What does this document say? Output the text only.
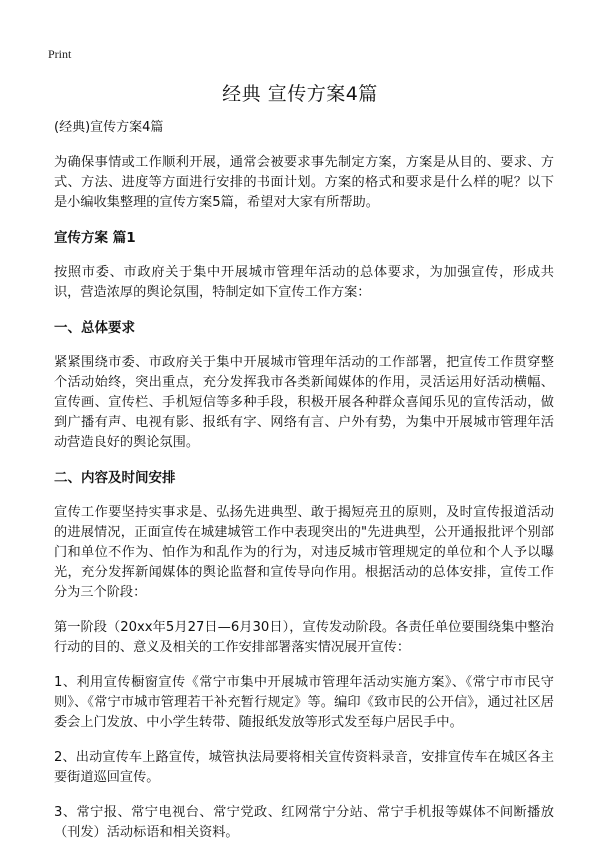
Print
经典 宣传方案4篇

(经典)宣传方案4篇

为确保事情或工作顺利开展，通常会被要求事先制定方案，方案是从目的、要求、方式、方法、进度等方面进行安排的书面计划。方案的格式和要求是什么样的呢？以下是小编收集整理的宣传方案5篇，希望对大家有所帮助。

宣传方案 篇1

按照市委、市政府关于集中开展城市管理年活动的总体要求，为加强宣传，形成共识，营造浓厚的舆论氛围，特制定如下宣传工作方案：

一、总体要求

紧紧围绕市委、市政府关于集中开展城市管理年活动的工作部署，把宣传工作贯穿整个活动始终，突出重点，充分发挥我市各类新闻媒体的作用，灵活运用好活动横幅、宣传画、宣传栏、手机短信等多种手段，积极开展各种群众喜闻乐见的宣传活动，做到广播有声、电视有影、报纸有字、网络有言、户外有势，为集中开展城市管理年活动营造良好的舆论氛围。

二、内容及时间安排

宣传工作要坚持实事求是、弘扬先进典型、敢于揭短亮丑的原则，及时宣传报道活动的进展情况，正面宣传在城建城管工作中表现突出的"先进典型，公开通报批评个别部门和单位不作为、怕作为和乱作为的行为，对违反城市管理规定的单位和个人予以曝光，充分发挥新闻媒体的舆论监督和宣传导向作用。根据活动的总体安排，宣传工作分为三个阶段：

第一阶段（20xx年5月27日—6月30日），宣传发动阶段。各责任单位要围绕集中整治行动的目的、意义及相关的工作安排部署落实情况展开宣传：

1、利用宣传橱窗宣传《常宁市集中开展城市管理年活动实施方案》、《常宁市市民守则》、《常宁市城市管理若干补充暂行规定》等。编印《致市民的公开信》，通过社区居委会上门发放、中小学生转带、随报纸发放等形式发至每户居民手中。

2、出动宣传车上路宣传，城管执法局要将相关宣传资料录音，安排宣传车在城区各主要街道巡回宣传。

3、常宁报、常宁电视台、常宁党政、红网常宁分站、常宁手机报等媒体不间断播放（刊发）活动标语和相关资料。
